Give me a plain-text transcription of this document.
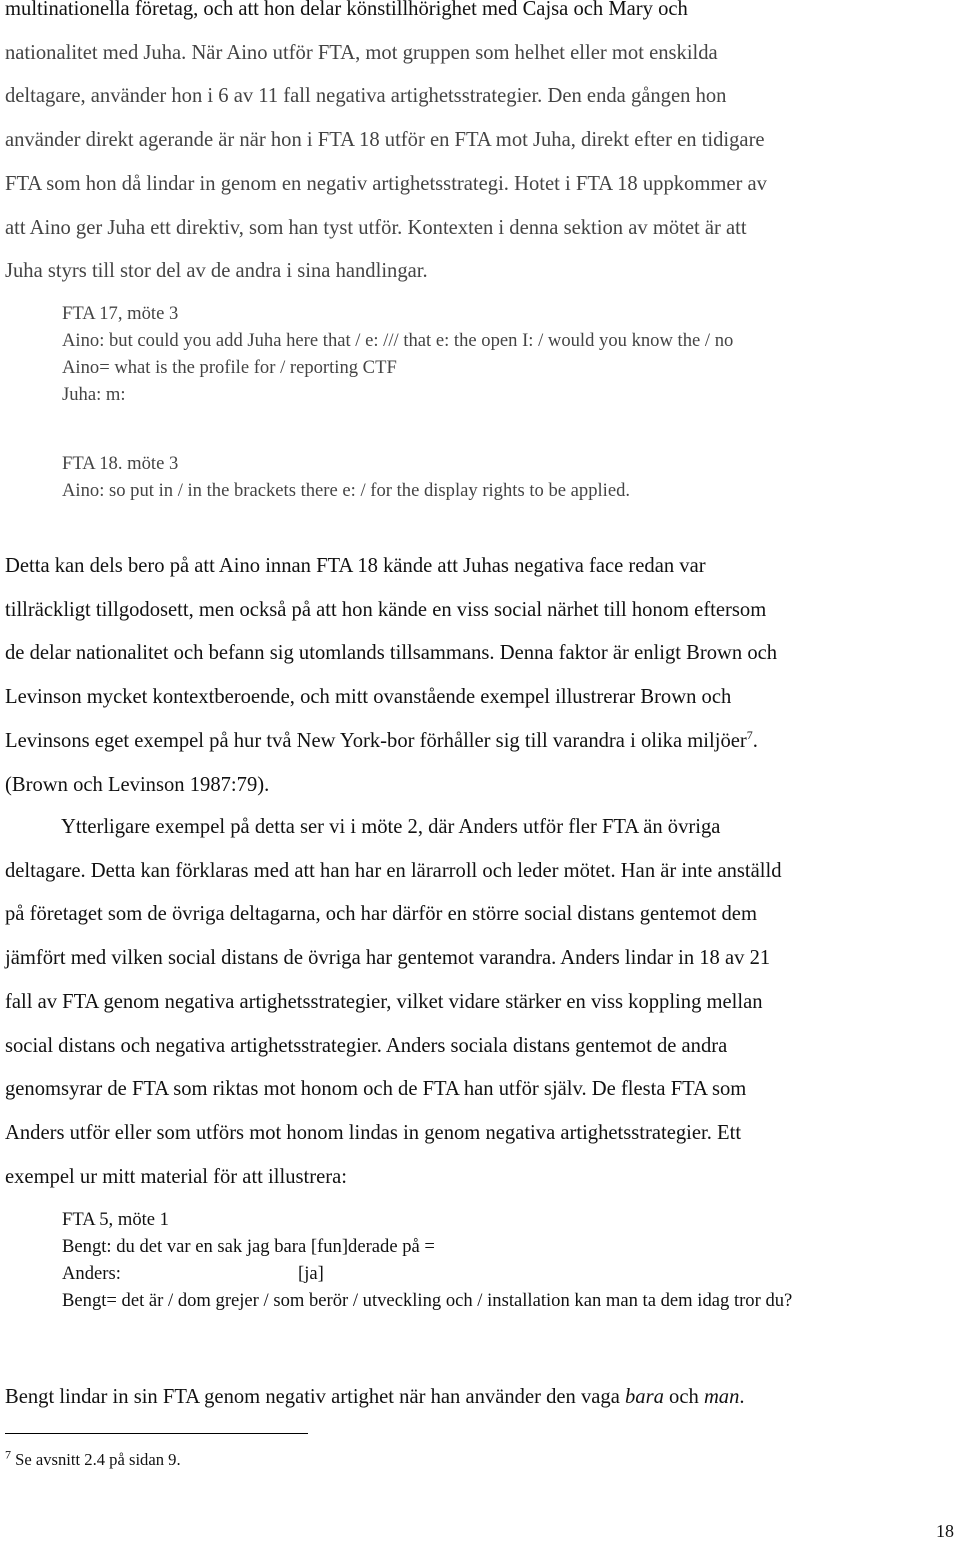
multinationella företag, och att hon delar könstillhörighet med Cajsa och Mary och
nationalitet med Juha. När Aino utför FTA, mot gruppen som helhet eller mot enskilda
deltagare, använder hon i 6 av 11 fall negativa artighetsstrategier. Den enda gången hon
använder direkt agerande är när hon i FTA 18 utför en FTA mot Juha, direkt efter en tidigare
FTA som hon då lindar in genom en negativ artighetsstrategi. Hotet i FTA 18 uppkommer av
att Aino ger Juha ett direktiv, som han tyst utför. Kontexten i denna sektion av mötet är att
Juha styrs till stor del av de andra i sina handlingar.
FTA 17, möte 3
Aino: but could you add Juha here that / e: /// that e: the open I: / would you know the / no
Aino= what is the profile for / reporting CTF
Juha: m:
FTA 18. möte 3
Aino: so put in / in the brackets there e: / for the display rights to be applied.
Detta kan dels bero på att Aino innan FTA 18 kände att Juhas negativa face redan var
tillräckligt tillgodosett, men också på att hon kände en viss social närhet till honom eftersom
de delar nationalitet och befann sig utomlands tillsammans. Denna faktor är enligt Brown och
Levinson mycket kontextberoende, och mitt ovanstående exempel illustrerar Brown och
Levinsons eget exempel på hur två New York-bor förhåller sig till varandra i olika miljöer$^7$.
(Brown och Levinson 1987:79).
Ytterligare exempel på detta ser vi i möte 2, där Anders utför fler FTA än övriga
deltagare. Detta kan förklaras med att han har en lärarroll och leder mötet. Han är inte anställd
på företaget som de övriga deltagarna, och har därför en större social distans gentemot dem
jämfört med vilken social distans de övriga har gentemot varandra. Anders lindar in 18 av 21
fall av FTA genom negativa artighetsstrategier, vilket vidare stärker en viss koppling mellan
social distans och negativa artighetsstrategier. Anders sociala distans gentemot de andra
genomsyrar de FTA som riktas mot honom och de FTA han utför själv. De flesta FTA som
Anders utför eller som utförs mot honom lindas in genom negativa artighetsstrategier. Ett
exempel ur mitt material för att illustrera:
FTA 5, möte 1
Bengt: du det var en sak jag bara [fun]derade på =
Anders:	[ja]
Bengt= det är / dom grejer / som berör / utveckling och / installation kan man ta dem idag tror du?
Bengt lindar in sin FTA genom negativ artighet när han använder den vaga bara och man.
$^7$ Se avsnitt 2.4 på sidan 9.
18
